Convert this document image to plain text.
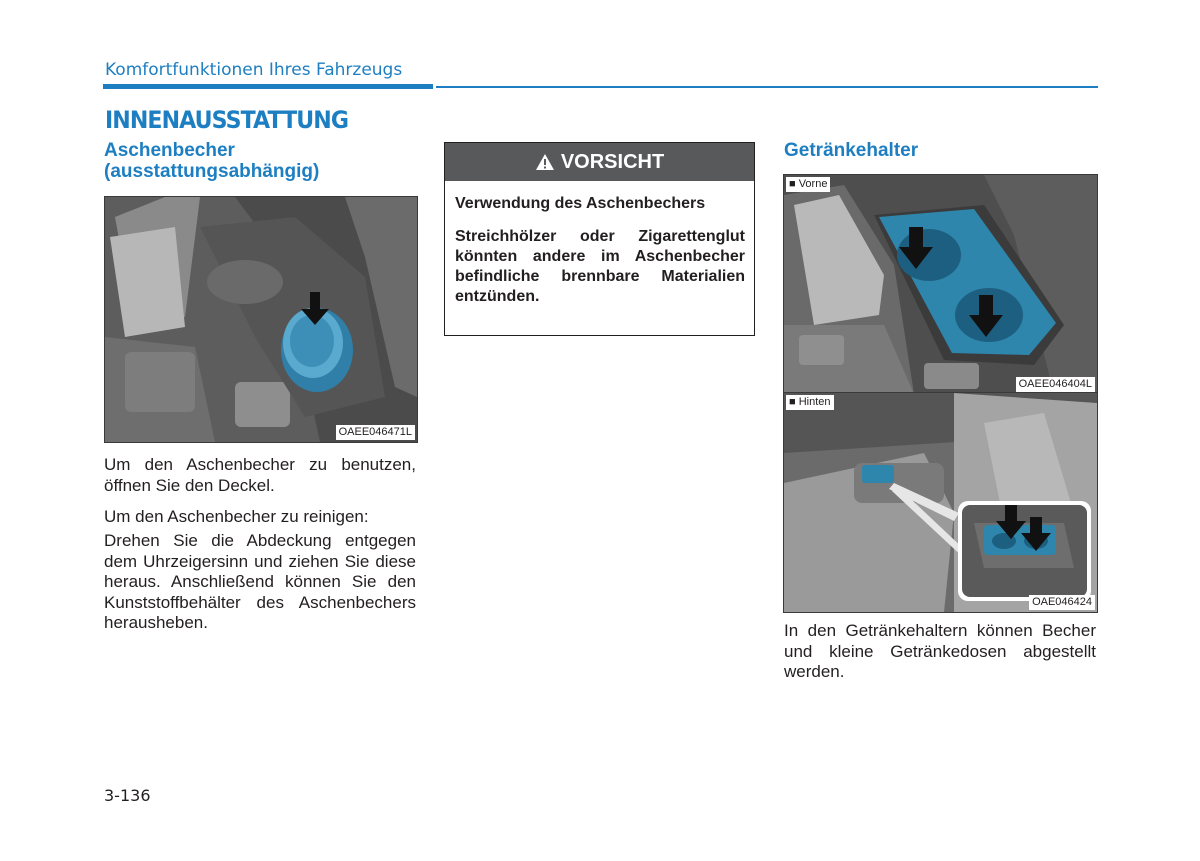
Komfortfunktionen Ihres Fahrzeugs
INNENAUSSTATTUNG
Aschenbecher (ausstattungsabhängig)
OAEE046471L
Um den Aschenbecher zu benutzen, öffnen Sie den Deckel.
Um den Aschenbecher zu reinigen:
Drehen Sie die Abdeckung entgegen dem Uhrzeigersinn und ziehen Sie diese heraus. Anschließend können Sie den Kunststoffbehälter des Aschenbechers herausheben.
VORSICHT
Verwendung des Aschenbechers
Streichhölzer oder Zigarettenglut könnten andere im Aschenbecher befindliche brennbare Materialien entzünden.
Getränkehalter
■ Vorne
OAEE046404L
■ Hinten
OAE046424
In den Getränkehaltern können Becher und kleine Getränkedosen abgestellt werden.
3-136
